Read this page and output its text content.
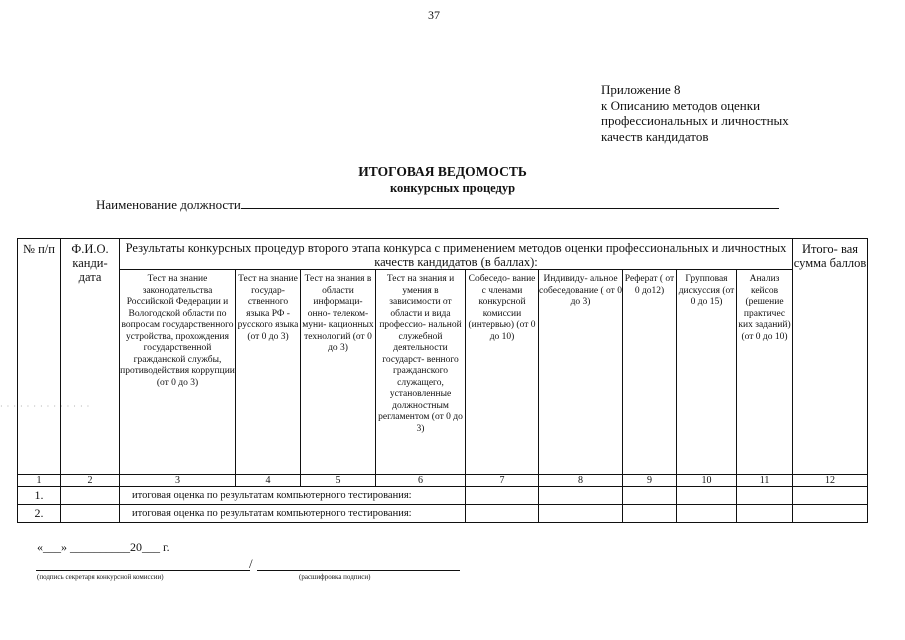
37
Приложение 8
к Описанию методов оценки
профессиональных и личностных
качеств кандидатов
ИТОГОВАЯ ВЕДОМОСТЬ
конкурсных процедур
Наименование должности
· · · · · · · · · · · · · ·
№ п/п	Ф.И.О. канди- дата	Результаты конкурсных процедур второго этапа конкурса с применением методов оценки профессиональных и личностных качеств кандидатов (в баллах):									Итого- вая сумма баллов
		Тест на знание законодательства Российской Федерации и Вологодской области по вопросам государственного устройства, прохождения государственной гражданской службы, противодействия коррупции (от 0 до 3)	Тест на знание государ- ственного языка РФ - русского языка (от 0 до 3)	Тест на знания в области информаци- онно- телеком- муни- кационных технологий (от 0 до 3)	Тест на знания и умения в зависимости от области и вида профессио- нальной служебной деятельности государст- венного гражданского служащего, установленные должностным регламентом (от 0 до 3)	Собеседо- вание с членами конкурсной комиссии (интервью) (от 0 до 10)	Индивиду- альное собеседование ( от 0 до 3)	Реферат ( от 0 до12)	Групповая дискуссия (от 0 до 15)	Анализ кейсов (решение практичес ких заданий) (от 0 до 10)	
1	2	3	4	5	6	7	8	9	10	11	12
1.		итоговая оценка по результатам компьютерного тестирования:									
2.		итоговая оценка по результатам компьютерного тестирования:									
«___» __________20___ г.
/
(подпись секретаря конкурсной комиссии)	(расшифровка подписи)
